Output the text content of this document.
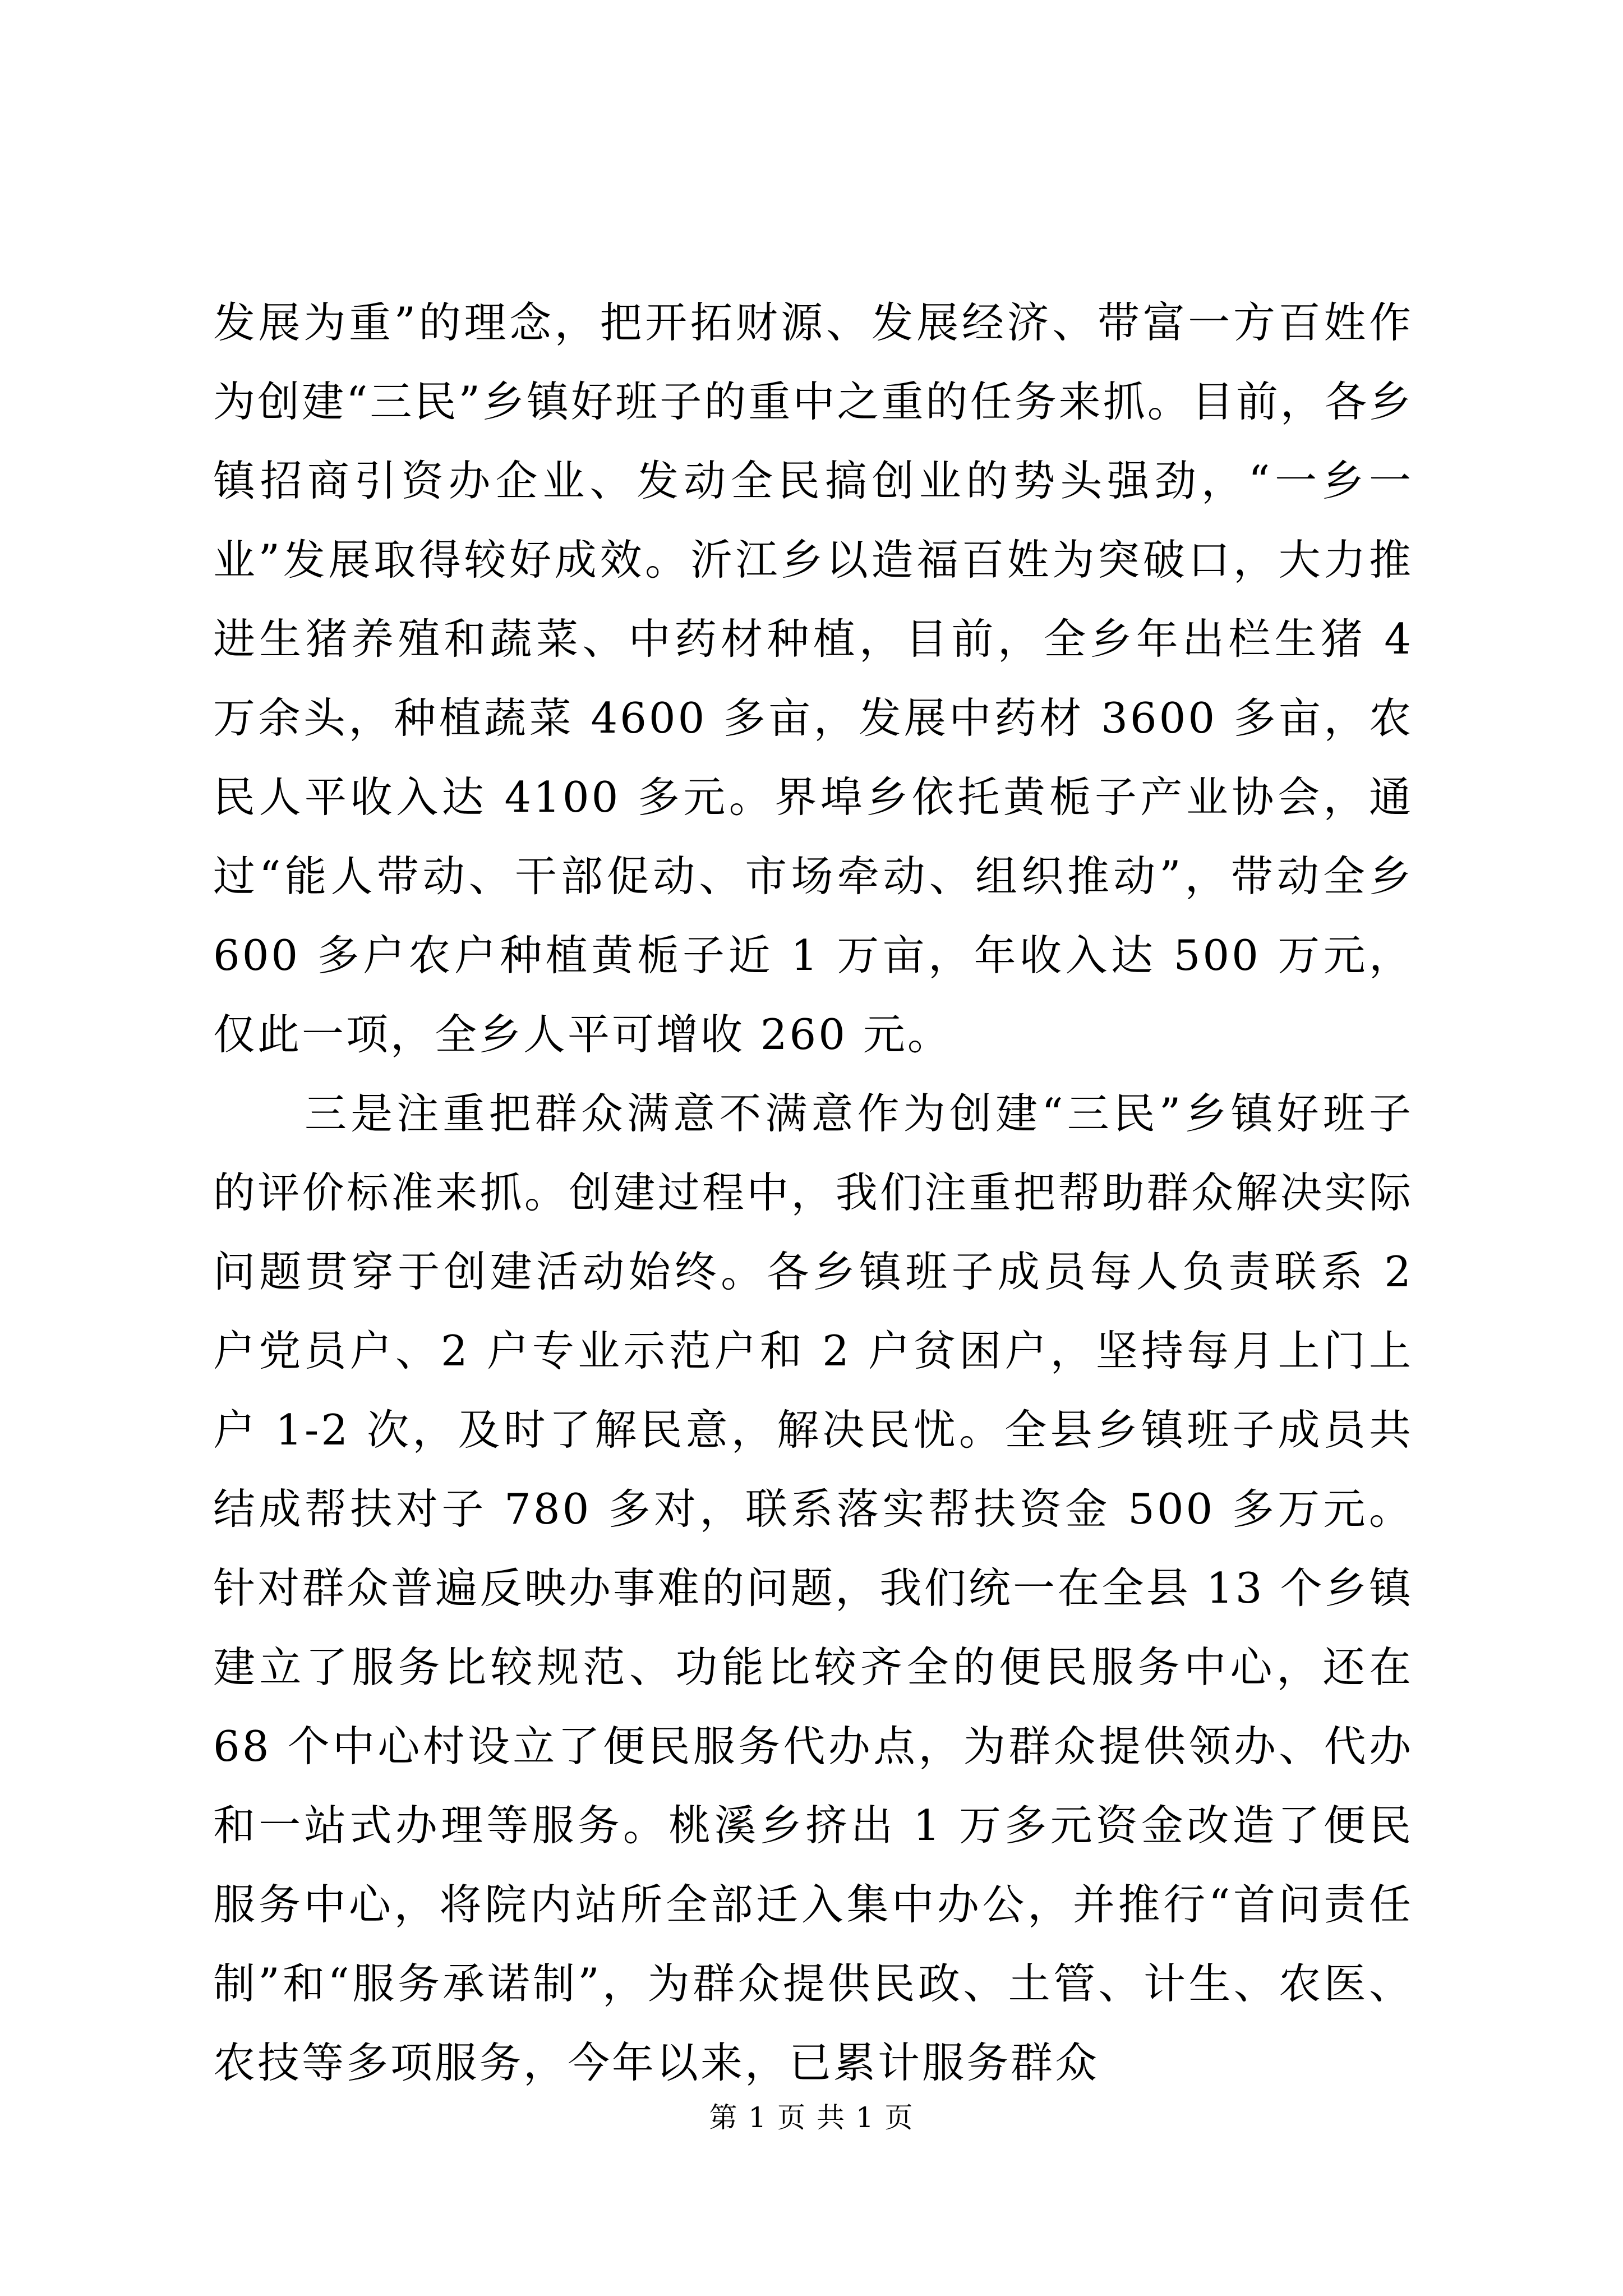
发展为重”的理念，把开拓财源、发展经济、带富一方百姓作为创建“三民”乡镇好班子的重中之重的任务来抓。目前，各乡镇招商引资办企业、发动全民搞创业的势头强劲，“一乡一业”发展取得较好成效。沂江乡以造福百姓为突破口，大力推进生猪养殖和蔬菜、中药材种植，目前，全乡年出栏生猪 4 万余头，种植蔬菜 4600 多亩，发展中药材 3600 多亩，农民人平收入达 4100 多元。界埠乡依托黄栀子产业协会，通过“能人带动、干部促动、市场牵动、组织推动”，带动全乡 600 多户农户种植黄栀子近 1 万亩，年收入达 500 万元，仅此一项，全乡人平可增收 260 元。

三是注重把群众满意不满意作为创建“三民”乡镇好班子的评价标准来抓。创建过程中，我们注重把帮助群众解决实际问题贯穿于创建活动始终。各乡镇班子成员每人负责联系 2 户党员户、2 户专业示范户和 2 户贫困户，坚持每月上门上户 1-2 次，及时了解民意，解决民忧。全县乡镇班子成员共结成帮扶对子 780 多对，联系落实帮扶资金 500 多万元。针对群众普遍反映办事难的问题，我们统一在全县 13 个乡镇建立了服务比较规范、功能比较齐全的便民服务中心，还在 68 个中心村设立了便民服务代办点，为群众提供领办、代办和一站式办理等服务。桃溪乡挤出 1 万多元资金改造了便民服务中心，将院内站所全部迁入集中办公，并推行“首问责任制”和“服务承诺制”，为群众提供民政、土管、计生、农医、农技等多项服务，今年以来，已累计服务群众

第 1 页 共 1 页
